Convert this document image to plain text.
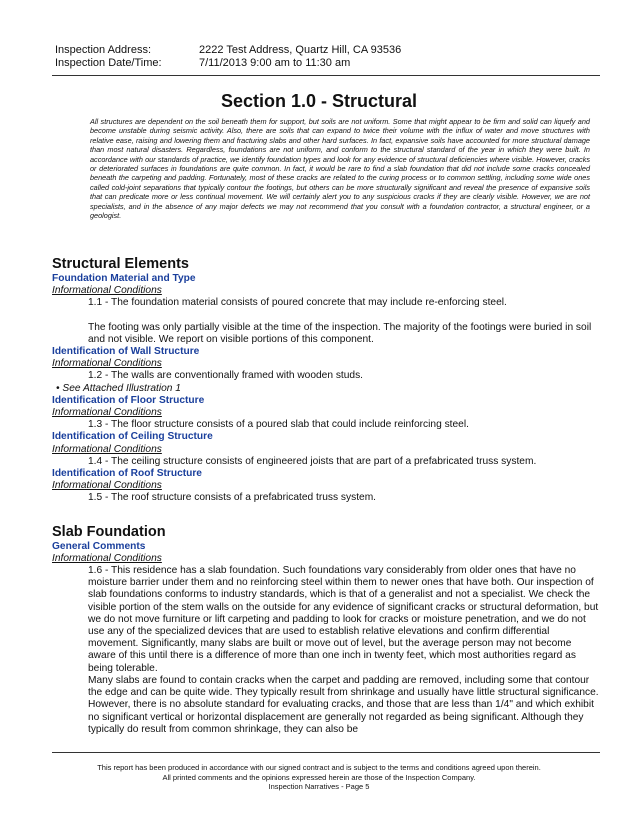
Inspection Address:	2222 Test Address, Quartz Hill, CA 93536
Inspection Date/Time:	7/11/2013 9:00 am to 11:30 am
Section 1.0 - Structural
All structures are dependent on the soil beneath them for support, but soils are not uniform. Some that might appear to be firm and solid can liquefy and become unstable during seismic activity. Also, there are soils that can expand to twice their volume with the influx of water and move structures with relative ease, raising and lowering them and fracturing slabs and other hard surfaces. In fact, expansive soils have accounted for more structural damage than most natural disasters. Regardless, foundations are not uniform, and conform to the structural standard of the year in which they were built. In accordance with our standards of practice, we identify foundation types and look for any evidence of structural deficiencies where visible. However, cracks or deteriorated surfaces in foundations are quite common. In fact, it would be rare to find a slab foundation that did not include some cracks concealed beneath the carpeting and padding. Fortunately, most of these cracks are related to the curing process or to common settling, including some wide ones called cold-joint separations that typically contour the footings, but others can be more structurally significant and reveal the presence of expansive soils that can predicate more or less continual movement. We will certainly alert you to any suspicious cracks if they are clearly visible. However, we are not specialists, and in the absence of any major defects we may not recommend that you consult with a foundation contractor, a structural engineer, or a geologist.
Structural Elements
Foundation Material and Type
Informational Conditions
1.1 - The foundation material consists of poured concrete that may include re-enforcing steel.
The footing was only partially visible at the time of the inspection. The majority of the footings were buried in soil and not visible. We report on visible portions of this component.
Identification of Wall Structure
Informational Conditions
1.2 - The walls are conventionally framed with wooden studs.
• See Attached Illustration 1
Identification of Floor Structure
Informational Conditions
1.3 - The floor structure consists of a poured slab that could include reinforcing steel.
Identification of Ceiling Structure
Informational Conditions
1.4 - The ceiling structure consists of engineered joists that are part of a prefabricated truss system.
Identification of Roof Structure
Informational Conditions
1.5 - The roof structure consists of a prefabricated truss system.
Slab Foundation
General Comments
Informational Conditions
1.6 - This residence has a slab foundation. Such foundations vary considerably from older ones that have no moisture barrier under them and no reinforcing steel within them to newer ones that have both. Our inspection of slab foundations conforms to industry standards, which is that of a generalist and not a specialist. We check the visible portion of the stem walls on the outside for any evidence of significant cracks or structural deformation, but we do not move furniture or lift carpeting and padding to look for cracks or moisture penetration, and we do not use any of the specialized devices that are used to establish relative elevations and confirm differential movement. Significantly, many slabs are built or move out of level, but the average person may not become aware of this until there is a difference of more than one inch in twenty feet, which most authorities regard as being tolerable.
Many slabs are found to contain cracks when the carpet and padding are removed, including some that contour the edge and can be quite wide. They typically result from shrinkage and usually have little structural significance. However, there is no absolute standard for evaluating cracks, and those that are less than 1/4" and which exhibit no significant vertical or horizontal displacement are generally not regarded as being significant. Although they typically do result from common shrinkage, they can also be
This report has been produced in accordance with our signed contract and is subject to the terms and conditions agreed upon therein.
All printed comments and the opinions expressed herein are those of the Inspection Company.
Inspection Narratives - Page 5
